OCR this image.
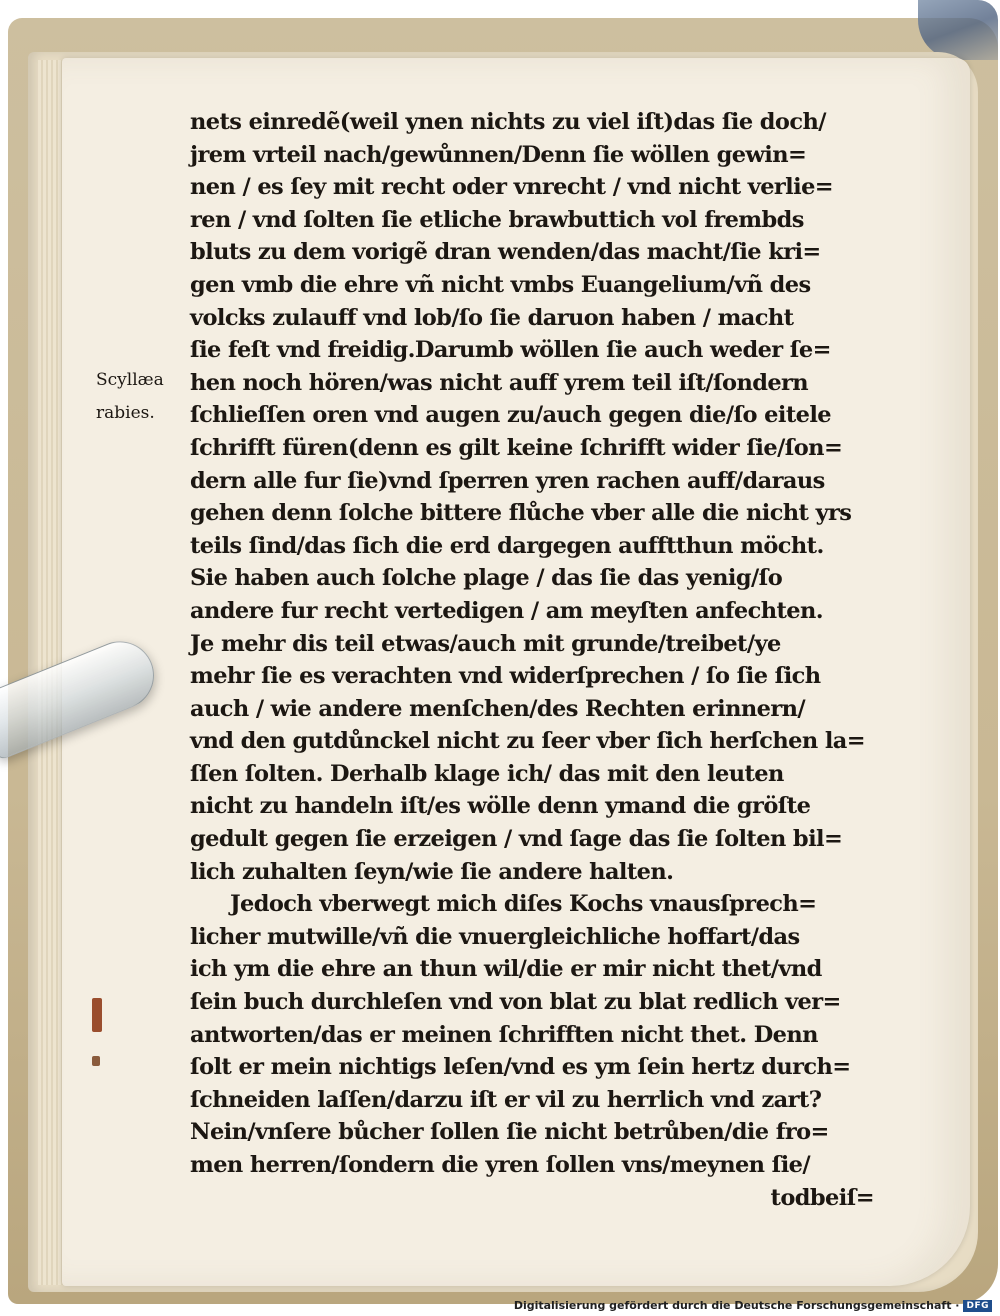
Scyllæa
rabies.
nets einredẽ(weil ynen nichts zu viel iſt)das ſie doch/
jrem vrteil nach/gewůnnen/Denn ſie wöllen gewin=
nen / es ſey mit recht oder vnrecht / vnd nicht verlie=
ren / vnd ſolten ſie etliche brawbuttich vol frembds
bluts zu dem vorigẽ dran wenden/das macht/ſie kri=
gen vmb die ehre vñ nicht vmbs Euangelium/vñ des
volcks zulauff vnd lob/ſo ſie daruon haben / macht
ſie feſt vnd freidig.Darumb wöllen ſie auch weder ſe=
hen noch hören/was nicht auff yrem teil iſt/ſondern
ſchlieſſen oren vnd augen zu/auch gegen die/ſo eitele
ſchrifft füren(denn es gilt keine ſchrifft wider ſie/ſon=
dern alle fur ſie)vnd ſperren yren rachen auff/daraus
gehen denn ſolche bittere flůche vber alle die nicht yrs
teils ſind/das ſich die erd dargegen aufftthun möcht.
Sie haben auch ſolche plage / das ſie das yenig/ſo
andere fur recht vertedigen / am meyſten anfechten.
Je mehr dis teil etwas/auch mit grunde/treibet/ye
mehr ſie es verachten vnd widerſprechen / ſo ſie ſich
auch / wie andere menſchen/des Rechten erinnern/
vnd den gutdůnckel nicht zu ſeer vber ſich herſchen la=
ſſen ſolten. Derhalb klage ich/ das mit den leuten
nicht zu handeln iſt/es wölle denn ymand die gröſte
gedult gegen ſie erzeigen / vnd ſage das ſie ſolten bil=
lich zuhalten ſeyn/wie ſie andere halten.
Jedoch vberwegt mich diſes Kochs vnausſprech=
licher mutwille/vñ die vnuergleichliche hoffart/das
ich ym die ehre an thun wil/die er mir nicht thet/vnd
ſein buch durchleſen vnd von blat zu blat redlich ver=
antworten/das er meinen ſchrifften nicht thet. Denn
ſolt er mein nichtigs leſen/vnd es ym ſein hertz durch=
ſchneiden laſſen/darzu iſt er vil zu herrlich vnd zart?
Nein/vnſere bůcher ſollen ſie nicht betrůben/die fro=
men herren/ſondern die yren ſollen vns/meynen ſie/
todbeiſ=
Digitalisierung gefördert durch die Deutsche Forschungsgemeinschaft · DFG
